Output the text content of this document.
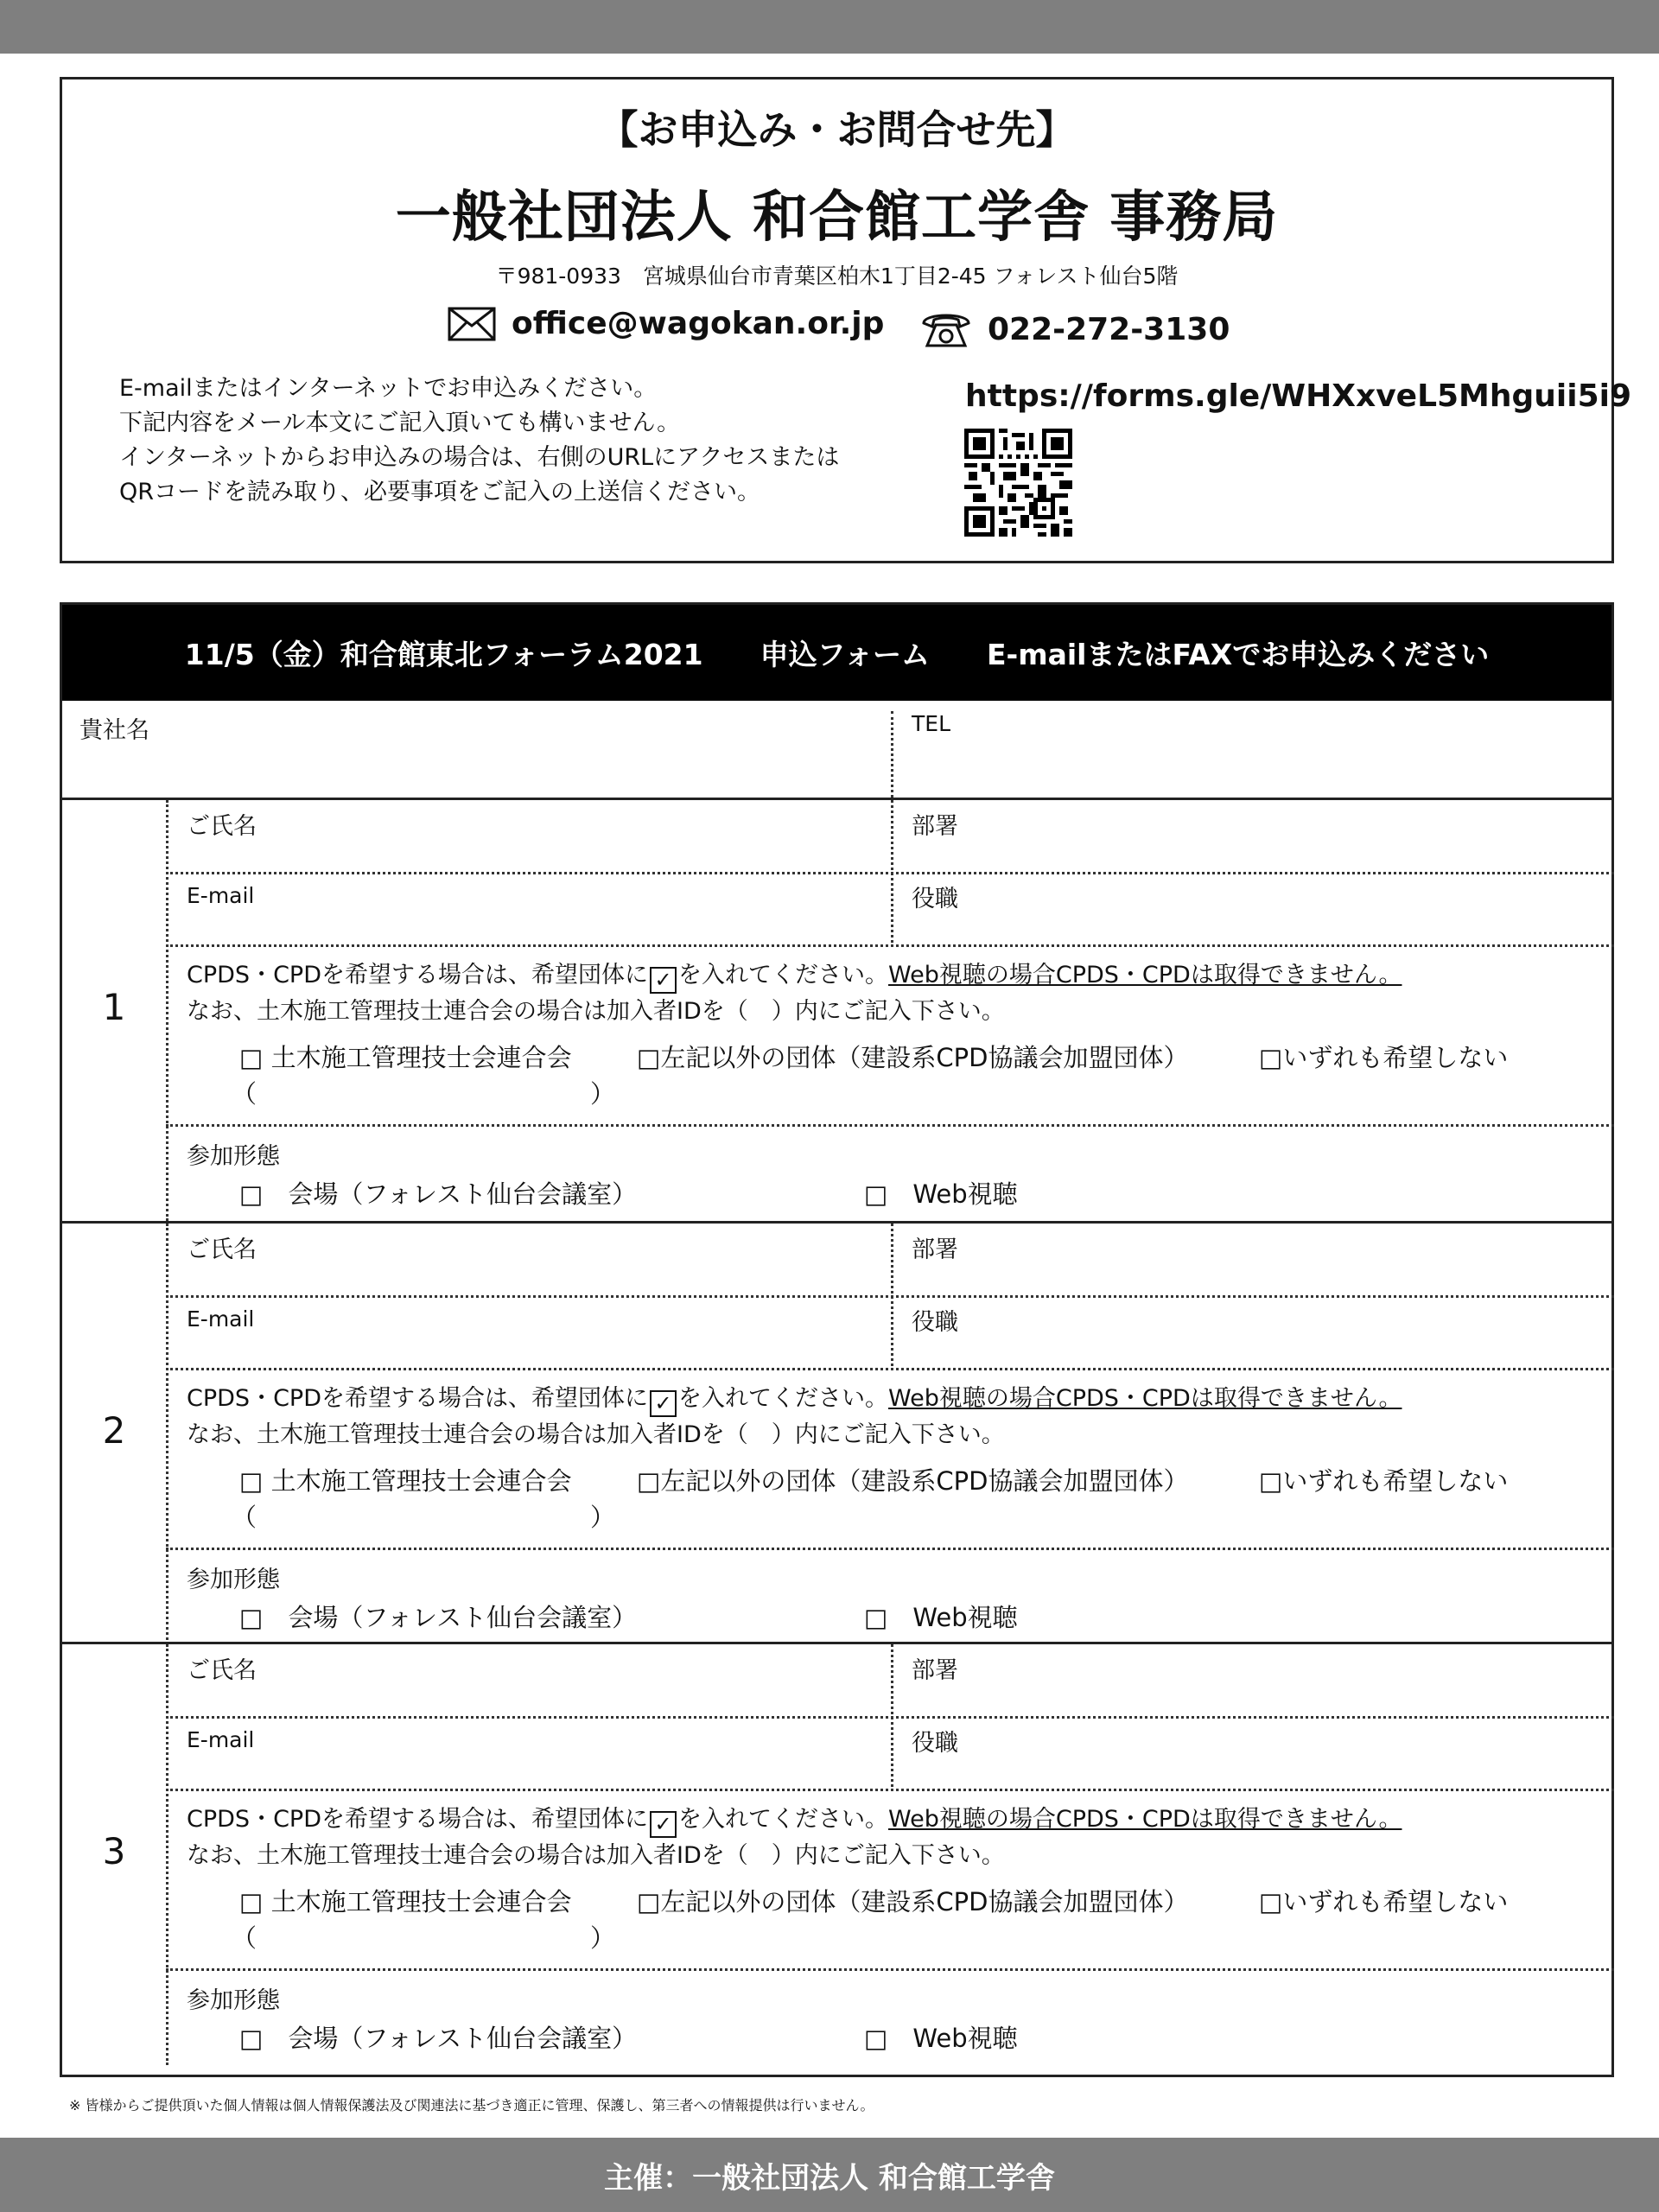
【お申込み・お問合せ先】
一般社団法人 和合館工学舎 事務局
〒981-0933　宮城県仙台市青葉区柏木1丁目2-45 フォレスト仙台5階
office@wagokan.or.jp	022-272-3130
E-mailまたはインターネットでお申込みください。
下記内容をメール本文にご記入頂いても構いません。
インターネットからお申込みの場合は、右側のURLにアクセスまたは
QRコードを読み取り、必要事項をご記入の上送信ください。
https://forms.gle/WHXxveL5Mhguii5i9
11/5（金）和合館東北フォーラム2021
　　 申込フォーム
　　 E-mailまたはFAXでお申込みください
貴社名	TEL
1
ご氏名	部署
E-mail	役職
CPDS・CPDを希望する場合は、希望団体に ✓ を入れてください。Web視聴の場合CPDS・CPDは取得できません。
なお、土木施工管理技士連合会の場合は加入者IDを（　）内にご記入下さい。
□ 土木施工管理技士会連合会	□左記以外の団体（建設系CPD協議会加盟団体）	□いずれも希望しない
（	）
参加形態
□　会場（フォレスト仙台会議室）	□　Web視聴
2
ご氏名	部署
E-mail	役職
CPDS・CPDを希望する場合は、希望団体に ✓ を入れてください。Web視聴の場合CPDS・CPDは取得できません。
なお、土木施工管理技士連合会の場合は加入者IDを（　）内にご記入下さい。
□ 土木施工管理技士会連合会	□左記以外の団体（建設系CPD協議会加盟団体）	□いずれも希望しない
（	）
参加形態
□　会場（フォレスト仙台会議室）	□　Web視聴
3
ご氏名	部署
E-mail	役職
CPDS・CPDを希望する場合は、希望団体に ✓ を入れてください。Web視聴の場合CPDS・CPDは取得できません。
なお、土木施工管理技士連合会の場合は加入者IDを（　）内にご記入下さい。
□ 土木施工管理技士会連合会	□左記以外の団体（建設系CPD協議会加盟団体）	□いずれも希望しない
（	）
参加形態
□　会場（フォレスト仙台会議室）	□　Web視聴
※ 皆様からご提供頂いた個人情報は個人情報保護法及び関連法に基づき適正に管理、保護し、第三者への情報提供は行いません。
主催：一般社団法人 和合館工学舎
